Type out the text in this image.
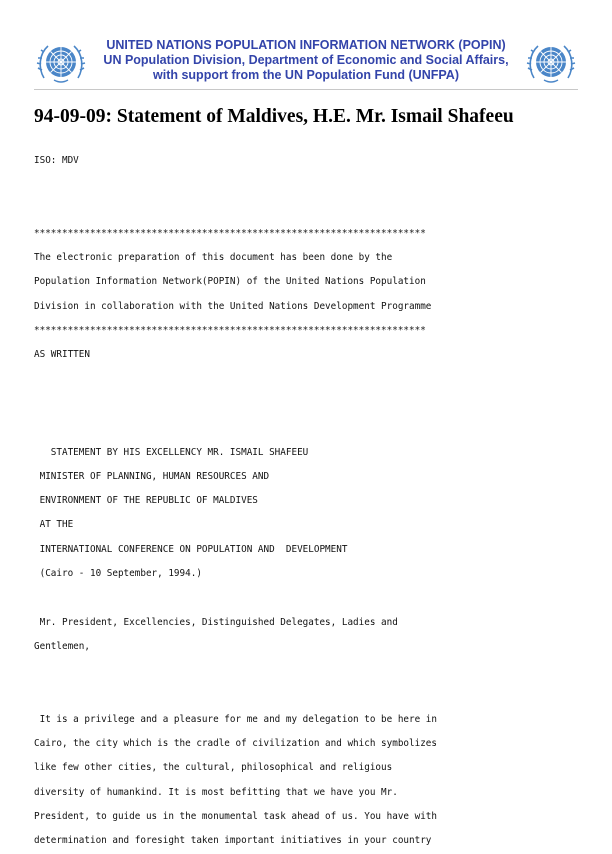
UNITED NATIONS POPULATION INFORMATION NETWORK (POPIN)
UN Population Division, Department of Economic and Social Affairs,
with support from the UN Population Fund (UNFPA)
94-09-09: Statement of Maldives, H.E. Mr. Ismail Shafeeu
ISO: MDV
**********************************************************************
The electronic preparation of this document has been done by the
Population Information Network(POPIN) of the United Nations Population
Division in collaboration with the United Nations Development Programme
**********************************************************************
AS WRITTEN
STATEMENT BY HIS EXCELLENCY MR. ISMAIL SHAFEEU
MINISTER OF PLANNING, HUMAN RESOURCES AND
ENVIRONMENT OF THE REPUBLIC OF MALDIVES
AT THE
INTERNATIONAL CONFERENCE ON POPULATION AND  DEVELOPMENT
(Cairo - 10 September, 1994.)
Mr. President, Excellencies, Distinguished Delegates, Ladies and
Gentlemen,
It is a privilege and a pleasure for me and my delegation to be here in
Cairo, the city which is the cradle of civilization and which symbolizes
like few other cities, the cultural, philosophical and religious
diversity of humankind. It is most befitting that we have you Mr.
President, to guide us in the monumental task ahead of us. You have with
determination and foresight taken important initiatives in your country
